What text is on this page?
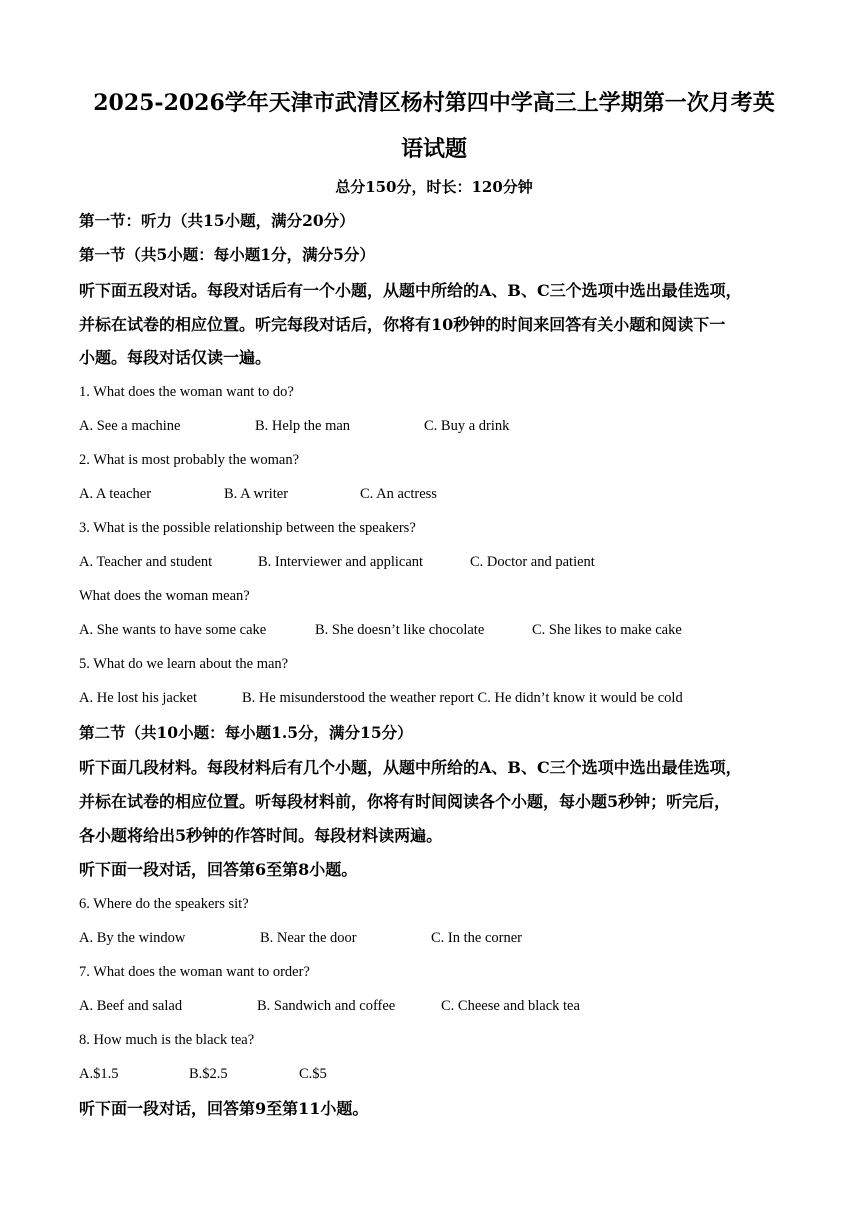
2025-2026学年天津市武清区杨村第四中学高三上学期第一次月考英
语试题
总分150分，时长：120分钟
第一节：听力（共15小题，满分20分）
第一节（共5小题：每小题1分，满分5分）
听下面五段对话。每段对话后有一个小题，从题中所给的A、B、C三个选项中选出最佳选项，
并标在试卷的相应位置。听完每段对话后，你将有10秒钟的时间来回答有关小题和阅读下一
小题。每段对话仅读一遍。
1. What does the woman want to do?
A. See a machine	B. Help the man	C. Buy a drink
2. What is most probably the woman?
A. A teacher	B. A writer	C. An actress
3. What is the possible relationship between the speakers?
A. Teacher and student	B. Interviewer and applicant	C. Doctor and patient
What does the woman mean?
A. She wants to have some cake	B. She doesn’t like chocolate	C. She likes to make cake
5. What do we learn about the man?
A. He lost his jacket	B. He misunderstood the weather report C. He didn’t know it would be cold
第二节（共10小题：每小题1.5分，满分15分）
听下面几段材料。每段材料后有几个小题，从题中所给的A、B、C三个选项中选出最佳选项，
并标在试卷的相应位置。听每段材料前，你将有时间阅读各个小题，每小题5秒钟；听完后，
各小题将给出5秒钟的作答时间。每段材料读两遍。
听下面一段对话，回答第6至第8小题。
6. Where do the speakers sit?
A. By the window	B. Near the door	C. In the corner
7. What does the woman want to order?
A. Beef and salad	B. Sandwich and coffee	C. Cheese and black tea
8. How much is the black tea?
A.$1.5	B.$2.5	C.$5
听下面一段对话，回答第9至第11小题。
